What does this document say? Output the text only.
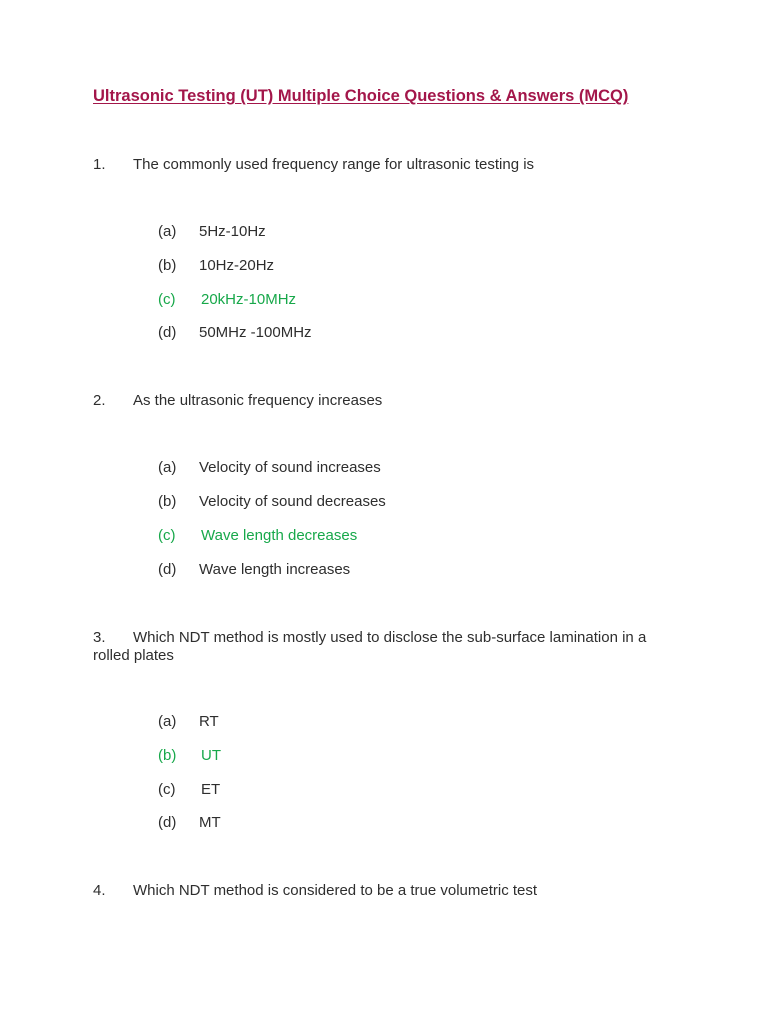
Ultrasonic Testing (UT) Multiple Choice Questions & Answers (MCQ)
1. The commonly used frequency range for ultrasonic testing is
(a) 5Hz-10Hz
(b) 10Hz-20Hz
(c) 20kHz-10MHz
(d) 50MHz -100MHz
2. As the ultrasonic frequency increases
(a) Velocity of sound increases
(b) Velocity of sound decreases
(c) Wave length decreases
(d) Wave length increases
3. Which NDT method is mostly used to disclose the sub-surface lamination in a rolled plates
(a) RT
(b) UT
(c) ET
(d) MT
4. Which NDT method is considered to be a true volumetric test
